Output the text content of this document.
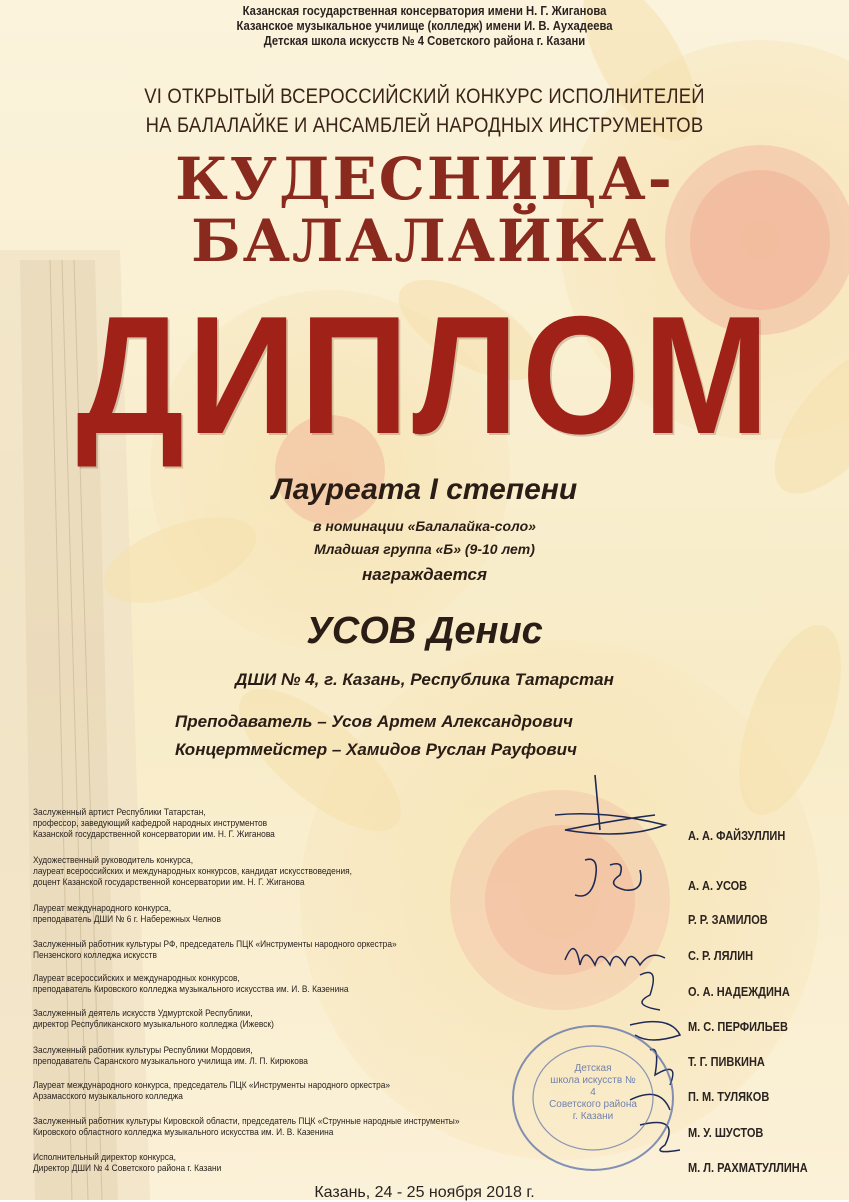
Казанская государственная консерватория имени Н. Г. Жиганова
Казанское музыкальное училище (колледж) имени И. В. Аухадеева
Детская школа искусств № 4 Советского района г. Казани
VI ОТКРЫТЫЙ ВСЕРОССИЙСКИЙ КОНКУРС ИСПОЛНИТЕЛЕЙ
НА БАЛАЛАЙКЕ И АНСАМБЛЕЙ НАРОДНЫХ ИНСТРУМЕНТОВ
КУДЕСНИЦА-
БАЛАЛАЙКА
ДИПЛОМ
Лауреата I степени
в номинации «Балалайка-соло»
Младшая группа «Б» (9-10 лет)
награждается
УСОВ Денис
ДШИ № 4, г. Казань, Республика Татарстан
Преподаватель – Усов Артем Александрович
Концертмейстер – Хамидов Руслан Рауфович
Заслуженный артист Республики Татарстан,
профессор, заведующий кафедрой народных инструментов
Казанской государственной консерватории им. Н. Г. Жиганова
Художественный руководитель конкурса,
лауреат всероссийских и международных конкурсов, кандидат искусствоведения,
доцент Казанской государственной консерватории им. Н. Г. Жиганова
Лауреат международного конкурса,
преподаватель ДШИ № 6 г. Набережных Челнов
Заслуженный работник культуры РФ, председатель ПЦК «Инструменты народного оркестра»
Пензенского колледжа искусств
Лауреат всероссийских и международных конкурсов,
преподаватель Кировского колледжа музыкального искусства им. И. В. Казенина
Заслуженный деятель искусств Удмуртской Республики,
директор Республиканского музыкального колледжа (Ижевск)
Заслуженный работник культуры Республики Мордовия,
преподаватель Саранского музыкального училища им. Л. П. Кирюкова
Лауреат международного конкурса, председатель ПЦК «Инструменты народного оркестра»
Арзамасского музыкального колледжа
Заслуженный работник культуры Кировской области, председатель ПЦК «Струнные народные инструменты»
Кировского областного колледжа музыкального искусства им. И. В. Казенина
Исполнительный директор конкурса,
Директор ДШИ № 4 Советского района г. Казани
А. А. ФАЙЗУЛЛИН
А. А. УСОВ
Р. Р. ЗАМИЛОВ
С. Р. ЛЯЛИН
О. А. НАДЕЖДИНА
М. С. ПЕРФИЛЬЕВ
Т. Г. ПИВКИНА
П. М. ТУЛЯКОВ
М. У. ШУСТОВ
М. Л. РАХМАТУЛЛИНА
Детская
школа искусств № 4
Советского района
г. Казани
Казань, 24 - 25 ноября 2018 г.
